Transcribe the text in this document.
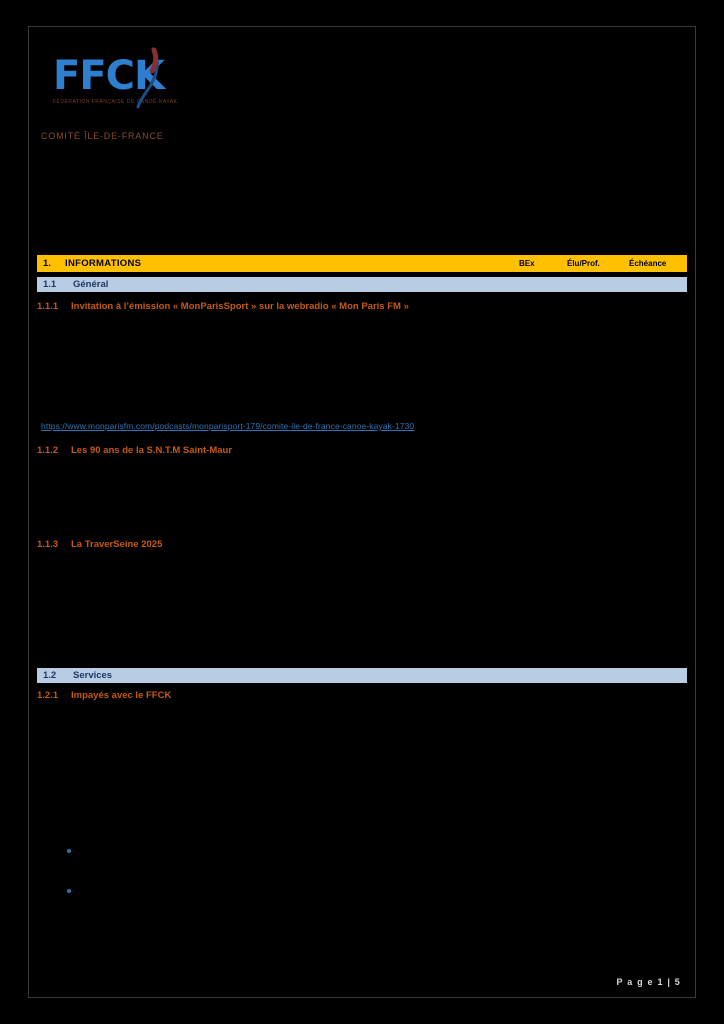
FFCK
FÉDÉRATION FRANÇAISE DE CANOË-KAYAK
COMITÉ ÎLE-DE-FRANCE
1.	INFORMATIONS	BEx	Élu/Prof.	Échéance
1.1	Général
1.1.1 Invitation à l’émission « MonParisSport » sur la webradio « Mon Paris FM »
https://www.monparisfm.com/podcasts/monparisport-179/comite-ile-de-france-canoe-kayak-1730
1.1.2 Les 90 ans de la S.N.T.M Saint-Maur
1.1.3 La TraverSeine 2025
1.2	Services
1.2.1 Impayés avec le FFCK
P a g e 1 | 5
